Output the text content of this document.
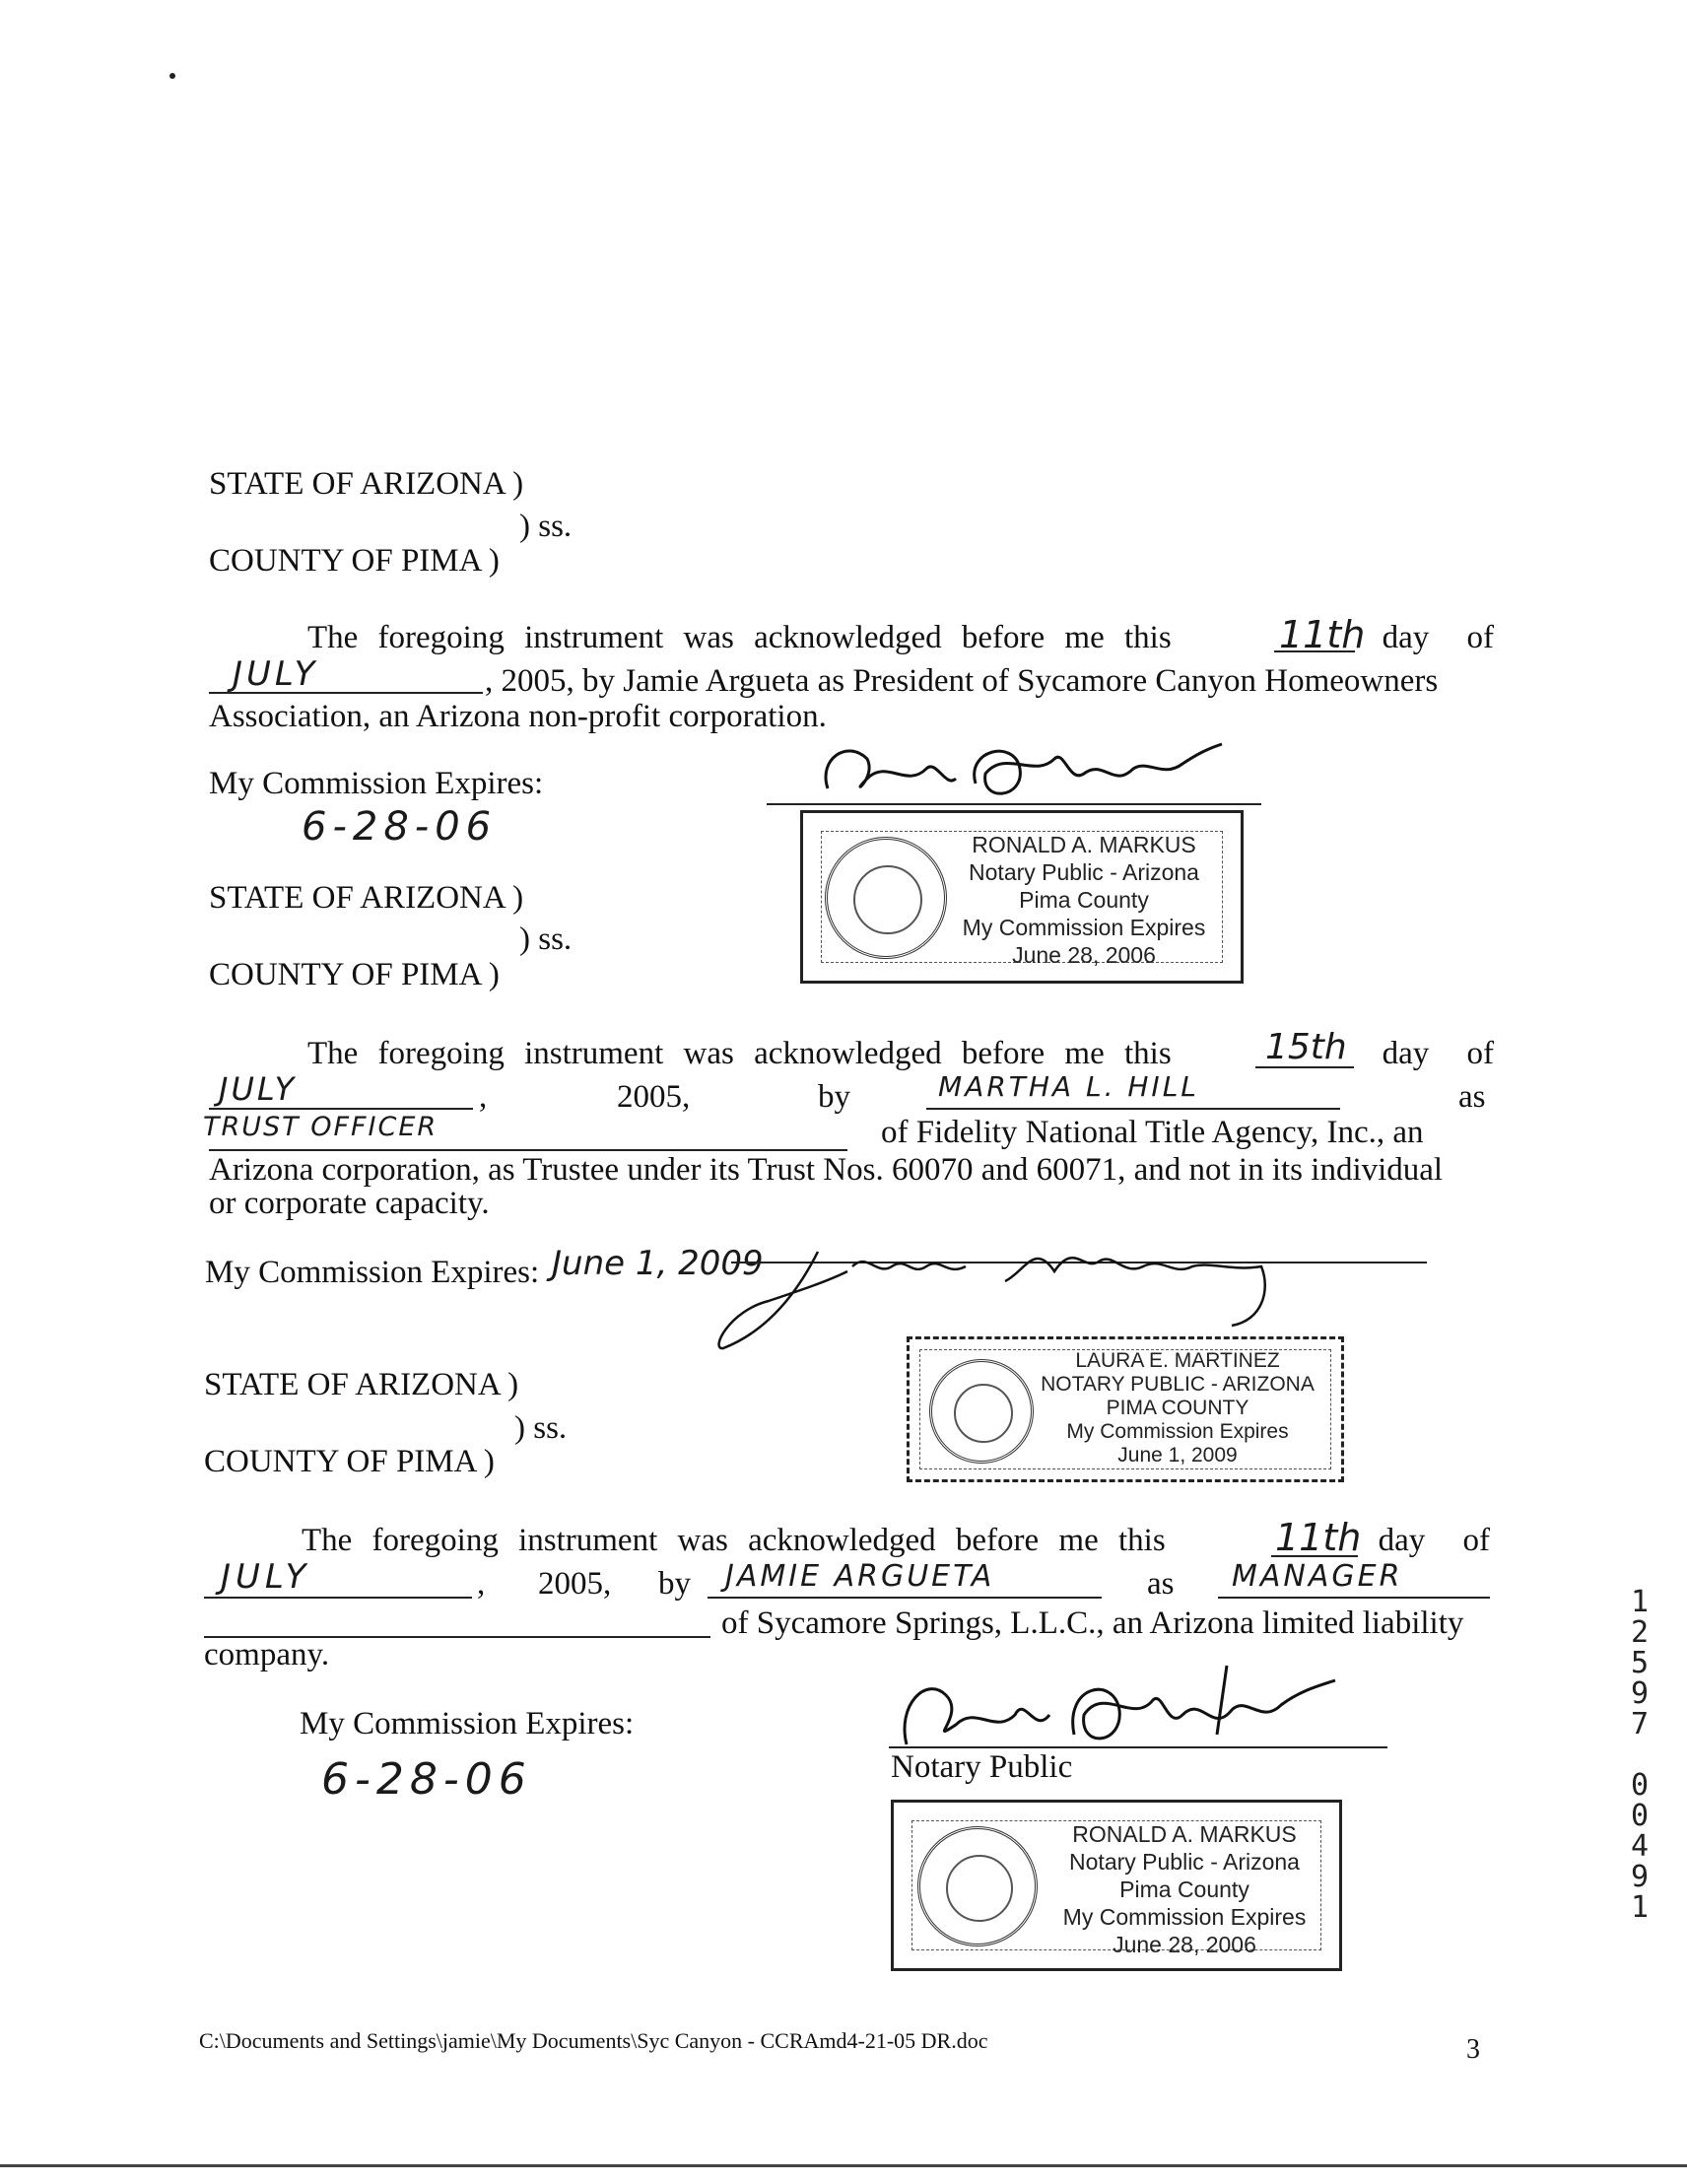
STATE OF ARIZONA )
) ss.
COUNTY OF PIMA )
The foregoing instrument was acknowledged before me this	day of
11th
JULY	, 2005, by Jamie Argueta as President of Sycamore Canyon Homeowners
Association, an Arizona non-profit corporation.
My Commission Expires:
6-28-06	RONALD A. MARKUS
Notary Public - Arizona
Pima County
My Commission Expires
June 28, 2006
STATE OF ARIZONA )
) ss.
COUNTY OF PIMA )
The foregoing instrument was acknowledged before me this	day of
15th
JULY	,	2005,	by	MARTHA L. HILL	as
TRUST OFFICER	of Fidelity National Title Agency, Inc., an
Arizona corporation, as Trustee under its Trust Nos. 60070 and 60071, and not in its individual
or corporate capacity.
My Commission Expires: June 1, 2009
LAURA E. MARTINEZ
NOTARY PUBLIC - ARIZONA
PIMA COUNTY
My Commission Expires
June 1, 2009
STATE OF ARIZONA )
) ss.
COUNTY OF PIMA )
The foregoing instrument was acknowledged before me this	day of
11th
JULY	, 2005, by JAMIE ARGUETA	as MANAGER
of Sycamore Springs, L.L.C., an Arizona limited liability
company.
My Commission Expires:
6-28-06	Notary Public
RONALD A. MARKUS
Notary Public - Arizona
Pima County
My Commission Expires
June 28, 2006
1
2
5
9
7
0
0
4
9
1
C:\Documents and Settings\jamie\My Documents\Syc Canyon - CCRAmd4-21-05 DR.doc	3
